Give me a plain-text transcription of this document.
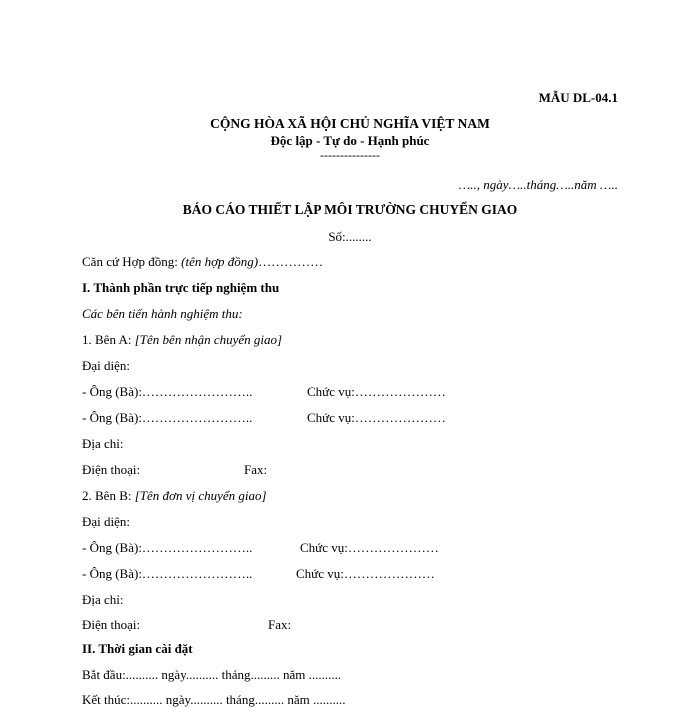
MẪU DL-04.1
CỘNG HÒA XÃ HỘI CHỦ NGHĨA VIỆT NAM
Độc lập - Tự do - Hạnh phúc
---------------
….., ngày…..tháng…..năm …..
BÁO CÁO THIẾT LẬP MÔI TRƯỜNG CHUYỂN GIAO
Số:........
Căn cứ Hợp đồng: (tên hợp đồng)……………
I. Thành phần trực tiếp nghiệm thu
Các bên tiến hành nghiệm thu:
1. Bên A: [Tên bên nhận chuyển giao]
Đại diện:
- Ông (Bà):……………………..	Chức vụ:…………………
- Ông (Bà):……………………..	Chức vụ:…………………
Địa chỉ:
Điện thoại:	Fax:
2. Bên B: [Tên đơn vị chuyển giao]
Đại diện:
- Ông (Bà):……………………..	Chức vụ:…………………
- Ông (Bà):……………………..	Chức vụ:…………………
Địa chỉ:
Điện thoại:	Fax:
II. Thời gian cài đặt
Bắt đầu:.......... ngày.......... tháng......... năm ..........
Kết thúc:.......... ngày.......... tháng......... năm ..........
